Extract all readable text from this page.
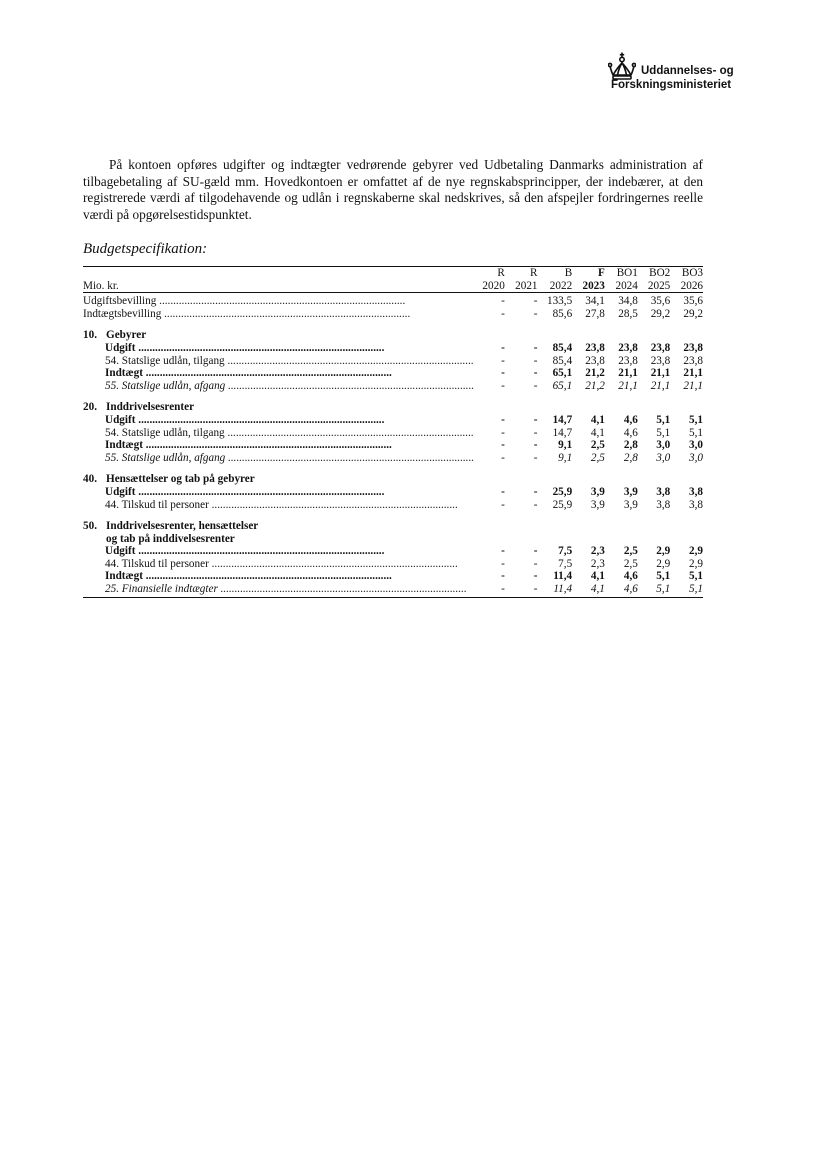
Uddannelses- og
Forskningsministeriet

På kontoen opføres udgifter og indtægter vedrørende gebyrer ved Udbetaling Danmarks administration af tilbagebetaling af SU-gæld mm. Hovedkontoen er omfattet af de nye regnskabsprincipper, der indebærer, at den registrerede værdi af tilgodehavende og udlån i regnskaberne skal nedskrives, så den afspejler fordringernes reelle værdi på opgørelsestidspunktet.

Budgetspecifikation:
	R	R	B	F	BO1	BO2	BO3
Mio. kr.	2020	2021	2022	2023	2024	2025	2026
Udgiftsbevilling .....	-	-	133,5	34,1	34,8	35,6	35,6
Indtægtsbevilling .....	-	-	85,6	27,8	28,5	29,2	29,2
10. Gebyrer							
Udgift .....	-	-	85,4	23,8	23,8	23,8	23,8
54. Statslige udlån, tilgang .....	-	-	85,4	23,8	23,8	23,8	23,8
Indtægt .....	-	-	65,1	21,2	21,1	21,1	21,1
55. Statslige udlån, afgang .....	-	-	65,1	21,2	21,1	21,1	21,1
20. Inddrivelsesrenter							
Udgift .....	-	-	14,7	4,1	4,6	5,1	5,1
54. Statslige udlån, tilgang .....	-	-	14,7	4,1	4,6	5,1	5,1
Indtægt .....	-	-	9,1	2,5	2,8	3,0	3,0
55. Statslige udlån, afgang .....	-	-	9,1	2,5	2,8	3,0	3,0
40. Hensættelser og tab på gebyrer							
Udgift .....	-	-	25,9	3,9	3,9	3,8	3,8
44. Tilskud til personer .....	-	-	25,9	3,9	3,9	3,8	3,8
50. Inddrivelsesrenter, hensættelser							
og tab på inddivelsesrenter							
Udgift .....	-	-	7,5	2,3	2,5	2,9	2,9
44. Tilskud til personer .....	-	-	7,5	2,3	2,5	2,9	2,9
Indtægt .....	-	-	11,4	4,1	4,6	5,1	5,1
25. Finansielle indtægter .....	-	-	11,4	4,1	4,6	5,1	5,1
